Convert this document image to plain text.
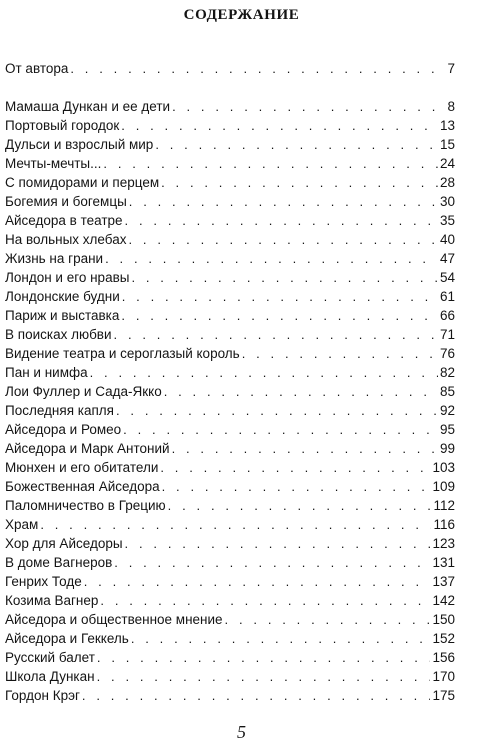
СОДЕРЖАНИЕ
От автора . . .	7
Мамаша Дункан и ее дети . . .	8
Портовый городок . . .	13
Дульси и взрослый мир . . .	15
Мечты-мечты... . . .	24
С помидорами и перцем . . .	28
Богемия и богемцы . . .	30
Айседора в театре . . .	35
На вольных хлебах . . .	40
Жизнь на грани . . .	47
Лондон и его нравы . . .	54
Лондонские будни . . .	61
Париж и выставка . . .	66
В поисках любви . . .	71
Видение театра и сероглазый король . . .	76
Пан и нимфа . . .	82
Лои Фуллер и Сада-Якко . . .	85
Последняя капля . . .	92
Айседора и Ромео . . .	95
Айседора и Марк Антоний . . .	99
Мюнхен и его обитатели . . .	103
Божественная Айседора . . .	109
Паломничество в Грецию . . .	112
Храм . . .	116
Хор для Айседоры . . .	123
В доме Вагнеров . . .	131
Генрих Тоде . . .	137
Козима Вагнер . . .	142
Айседора и общественное мнение . . .	150
Айседора и Геккель . . .	152
Русский балет . . .	156
Школа Дункан . . .	170
Гордон Крэг . . .	175
5
